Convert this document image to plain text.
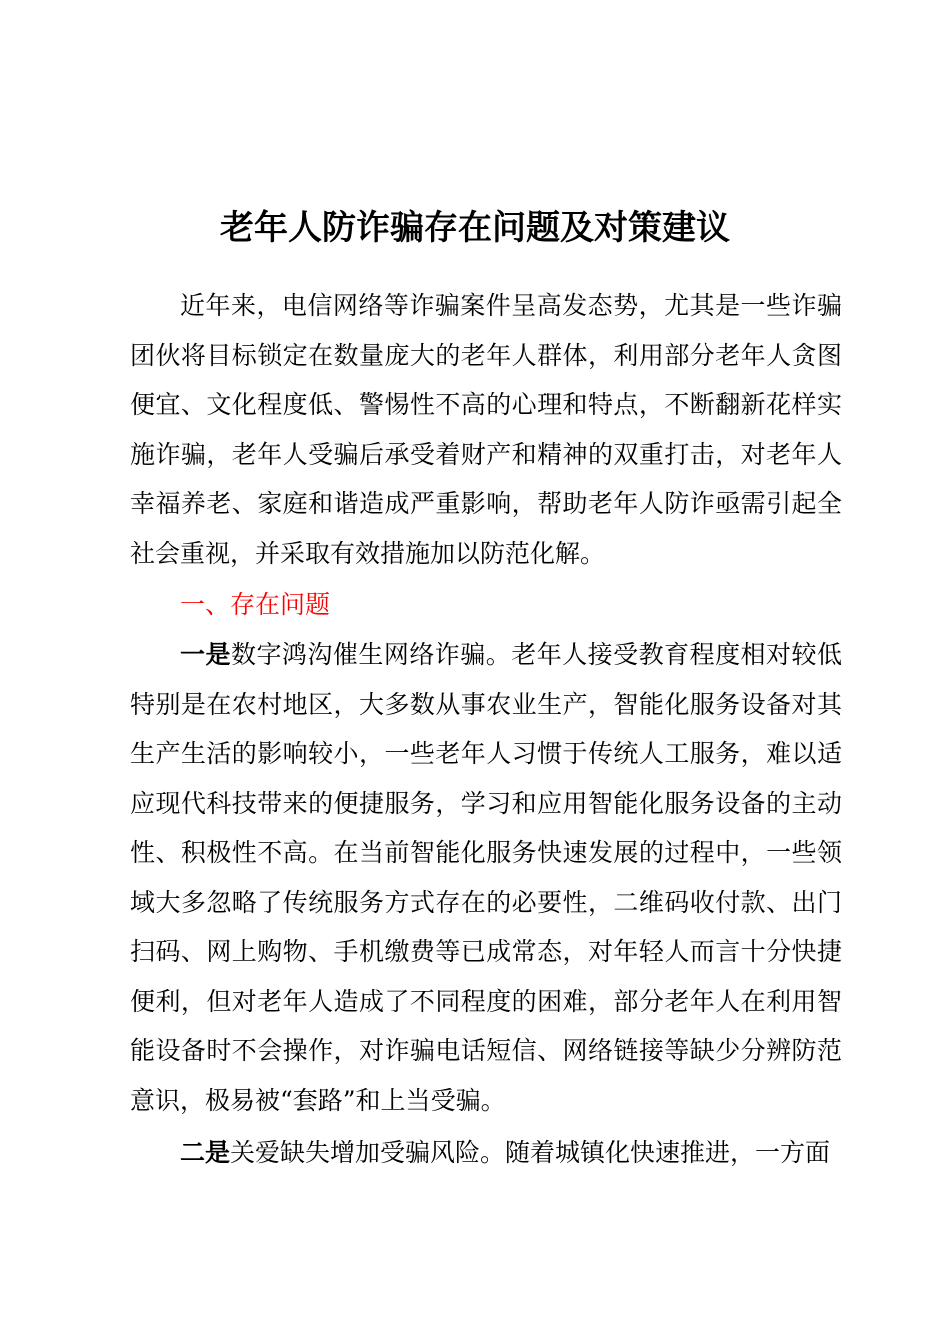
老年人防诈骗存在问题及对策建议

近年来，电信网络等诈骗案件呈高发态势，尤其是一些诈骗团伙将目标锁定在数量庞大的老年人群体，利用部分老年人贪图便宜、文化程度低、警惕性不高的心理和特点，不断翻新花样实施诈骗，老年人受骗后承受着财产和精神的双重打击，对老年人幸福养老、家庭和谐造成严重影响，帮助老年人防诈亟需引起全社会重视，并采取有效措施加以防范化解。

一、存在问题

一是数字鸿沟催生网络诈骗。老年人接受教育程度相对较低特别是在农村地区，大多数从事农业生产，智能化服务设备对其生产生活的影响较小，一些老年人习惯于传统人工服务，难以适应现代科技带来的便捷服务，学习和应用智能化服务设备的主动性、积极性不高。在当前智能化服务快速发展的过程中，一些领域大多忽略了传统服务方式存在的必要性，二维码收付款、出门扫码、网上购物、手机缴费等已成常态，对年轻人而言十分快捷便利，但对老年人造成了不同程度的困难，部分老年人在利用智能设备时不会操作，对诈骗电话短信、网络链接等缺少分辨防范意识，极易被“套路”和上当受骗。

二是关爱缺失增加受骗风险。随着城镇化快速推进，一方面
